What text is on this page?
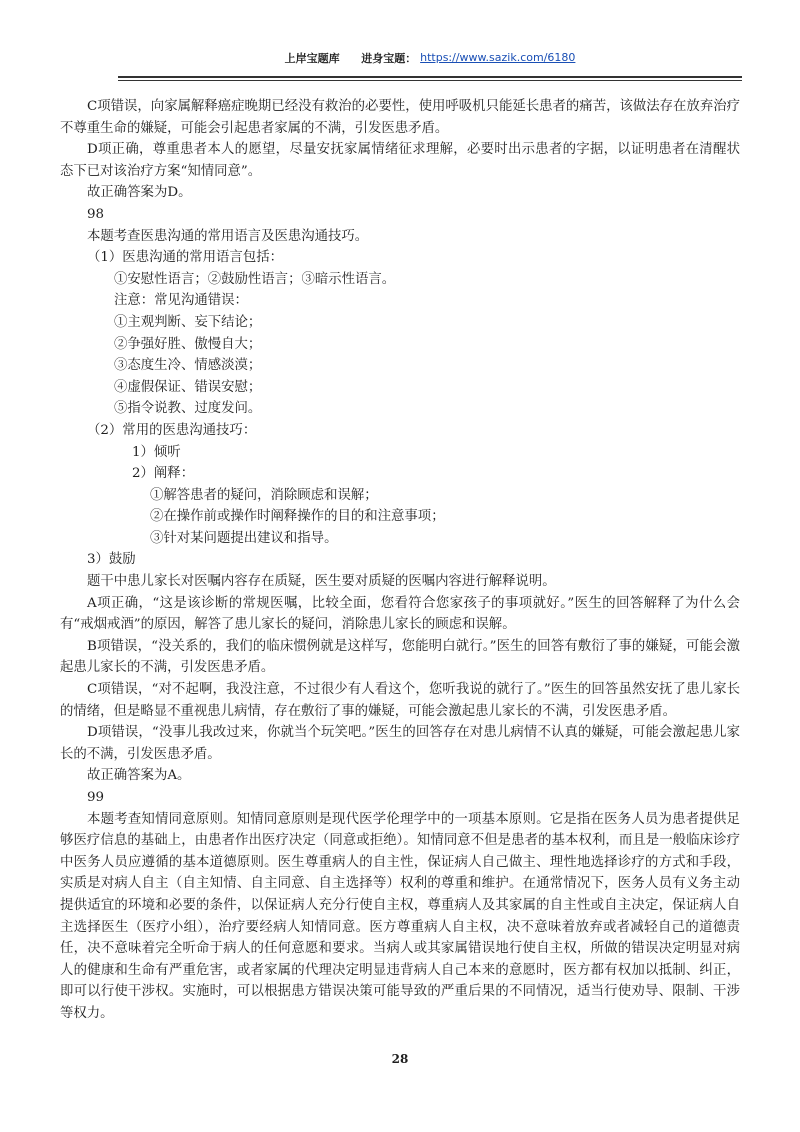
上岸宝题库 进身宝题： https://www.sazik.com/6180

C项错误，向家属解释癌症晚期已经没有救治的必要性，使用呼吸机只能延长患者的痛苦，该做法存在放弃治疗不尊重生命的嫌疑，可能会引起患者家属的不满，引发医患矛盾。

D项正确，尊重患者本人的愿望，尽量安抚家属情绪征求理解，必要时出示患者的字据，以证明患者在清醒状态下已对该治疗方案“知情同意”。

故正确答案为D。

98

本题考查医患沟通的常用语言及医患沟通技巧。

（1）医患沟通的常用语言包括：

①安慰性语言；②鼓励性语言；③暗示性语言。

注意：常见沟通错误：

①主观判断、妄下结论；

②争强好胜、傲慢自大；

③态度生冷、情感淡漠；

④虚假保证、错误安慰；

⑤指令说教、过度发问。

（2）常用的医患沟通技巧：

1）倾听

2）阐释：

①解答患者的疑问，消除顾虑和误解；

②在操作前或操作时阐释操作的目的和注意事项；

③针对某问题提出建议和指导。

3）鼓励

题干中患儿家长对医嘱内容存在质疑，医生要对质疑的医嘱内容进行解释说明。

A项正确，“这是该诊断的常规医嘱，比较全面，您看符合您家孩子的事项就好。”医生的回答解释了为什么会有“戒烟戒酒”的原因，解答了患儿家长的疑问，消除患儿家长的顾虑和误解。

B项错误，“没关系的，我们的临床惯例就是这样写，您能明白就行。”医生的回答有敷衍了事的嫌疑，可能会激起患儿家长的不满，引发医患矛盾。

C项错误，“对不起啊，我没注意，不过很少有人看这个，您听我说的就行了。”医生的回答虽然安抚了患儿家长的情绪，但是略显不重视患儿病情，存在敷衍了事的嫌疑，可能会激起患儿家长的不满，引发医患矛盾。

D项错误，“没事儿我改过来，你就当个玩笑吧。”医生的回答存在对患儿病情不认真的嫌疑，可能会激起患儿家长的不满，引发医患矛盾。

故正确答案为A。

99

本题考查知情同意原则。知情同意原则是现代医学伦理学中的一项基本原则。它是指在医务人员为患者提供足够医疗信息的基础上，由患者作出医疗决定（同意或拒绝）。知情同意不但是患者的基本权利，而且是一般临床诊疗中医务人员应遵循的基本道德原则。医生尊重病人的自主性，保证病人自己做主、理性地选择诊疗的方式和手段，实质是对病人自主（自主知情、自主同意、自主选择等）权利的尊重和维护。在通常情况下，医务人员有义务主动提供适宜的环境和必要的条件，以保证病人充分行使自主权，尊重病人及其家属的自主性或自主决定，保证病人自主选择医生（医疗小组），治疗要经病人知情同意。医方尊重病人自主权，决不意味着放弃或者减轻自己的道德责任，决不意味着完全听命于病人的任何意愿和要求。当病人或其家属错误地行使自主权，所做的错误决定明显对病人的健康和生命有严重危害，或者家属的代理决定明显违背病人自己本来的意愿时，医方都有权加以抵制、纠正，即可以行使干涉权。实施时，可以根据患方错误决策可能导致的严重后果的不同情况，适当行使劝导、限制、干涉等权力。

28
